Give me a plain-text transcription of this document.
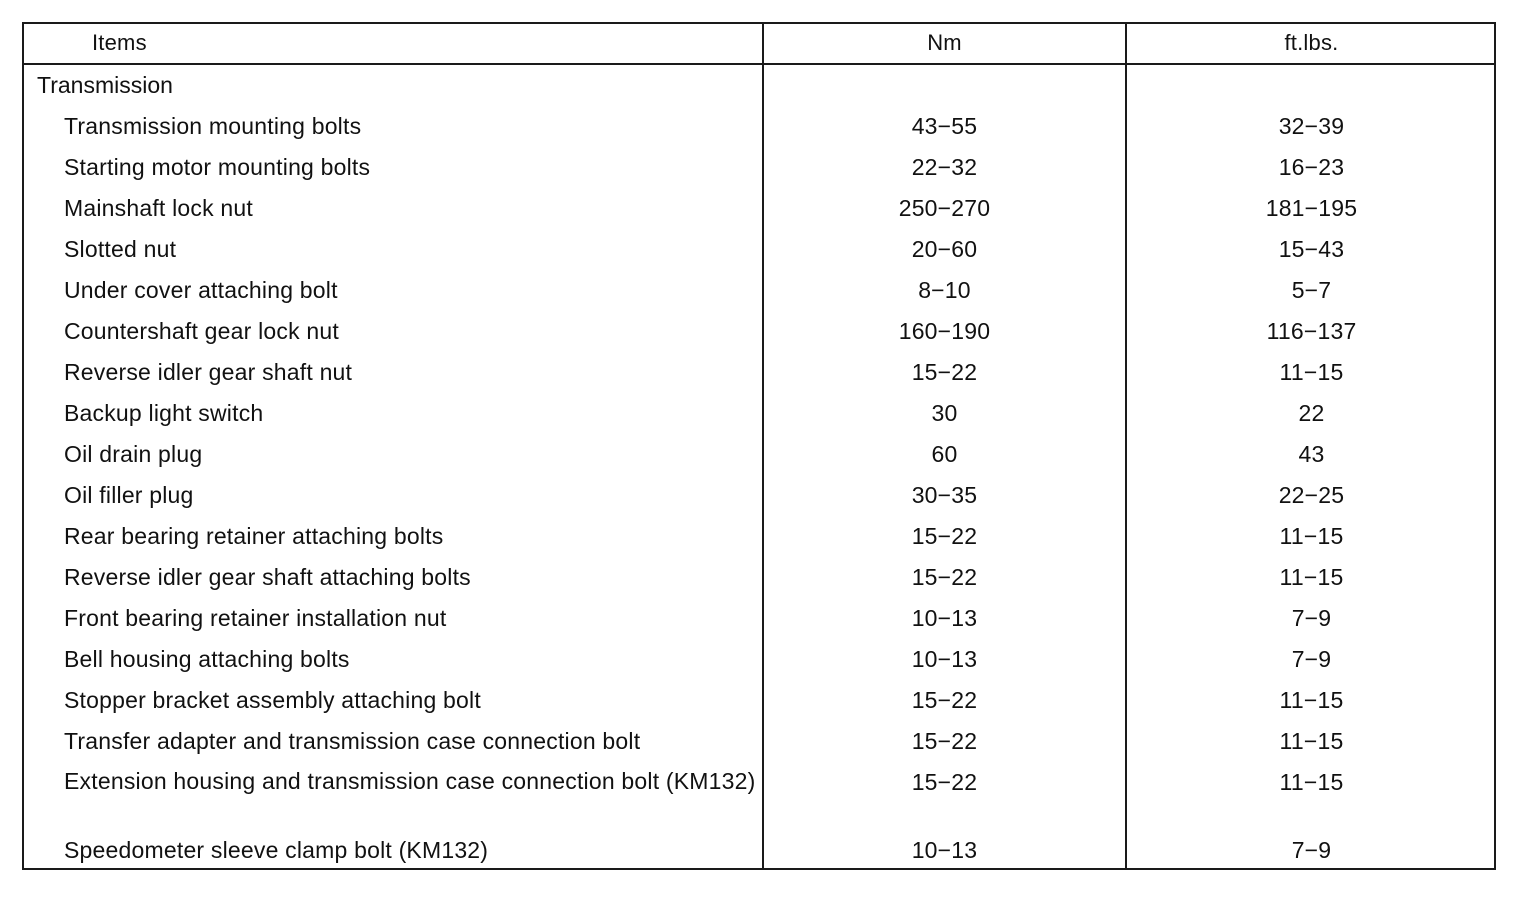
Items	Nm	ft.lbs.
Transmission
Transmission mounting bolts	43−55	32−39
Starting motor mounting bolts	22−32	16−23
Mainshaft lock nut	250−270	181−195
Slotted nut	20−60	15−43
Under cover attaching bolt	8−10	5−7
Countershaft gear lock nut	160−190	116−137
Reverse idler gear shaft nut	15−22	11−15
Backup light switch	30	22
Oil drain plug	60	43
Oil filler plug	30−35	22−25
Rear bearing retainer attaching bolts	15−22	11−15
Reverse idler gear shaft attaching bolts	15−22	11−15
Front bearing retainer installation nut	10−13	7−9
Bell housing attaching bolts	10−13	7−9
Stopper bracket assembly attaching bolt	15−22	11−15
Transfer adapter and transmission case connection bolt	15−22	11−15
Extension housing and transmission case connection bolt (KM132)	15−22	11−15
Speedometer sleeve clamp bolt (KM132)	10−13	7−9
